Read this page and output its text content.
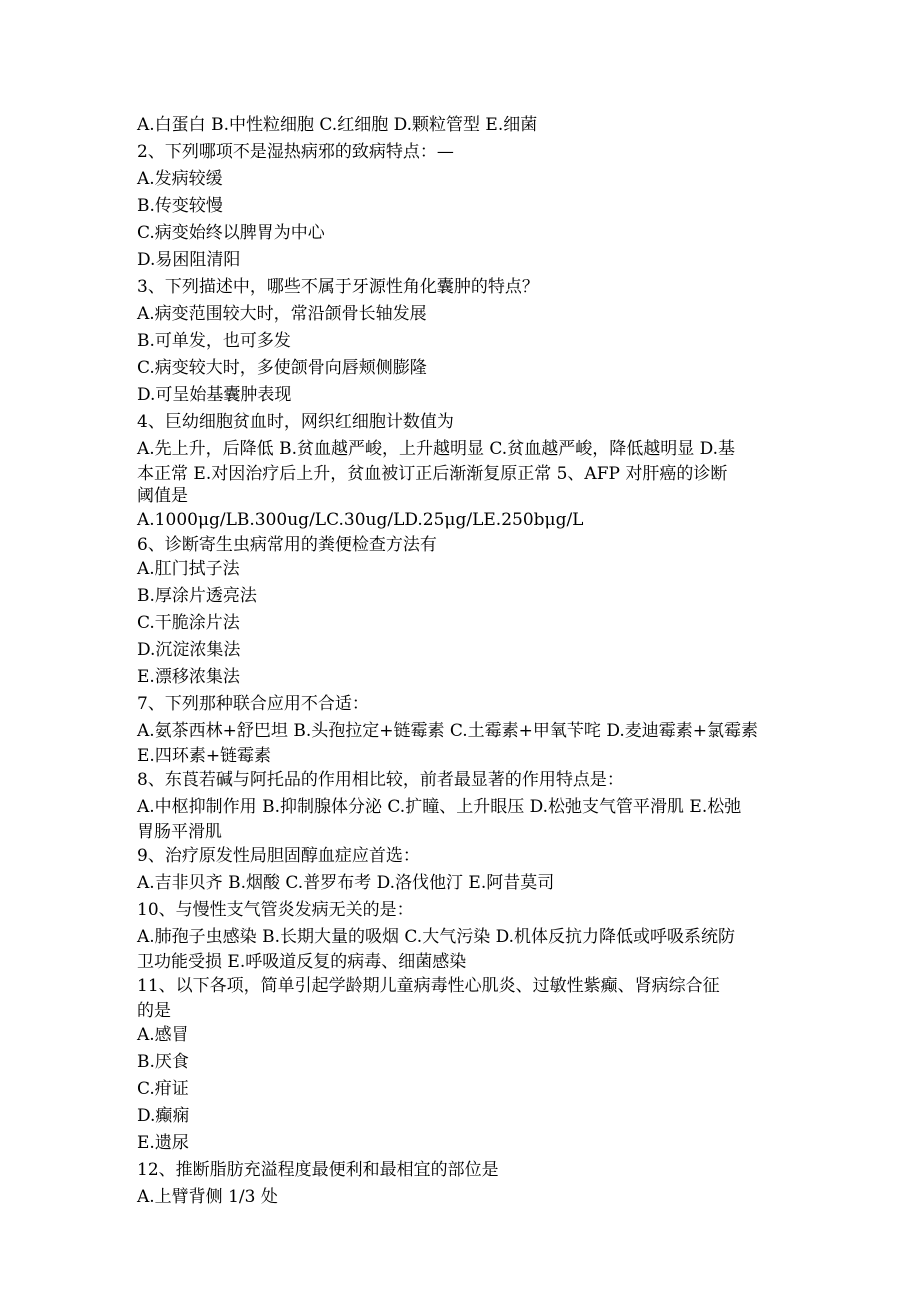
A.白蛋白 B.中性粒细胞 C.红细胞 D.颗粒管型 E.细菌
2、下列哪项不是湿热病邪的致病特点：—
A.发病较缓
B.传变较慢
C.病变始终以脾胃为中心
D.易困阻清阳
3、下列描述中，哪些不属于牙源性角化囊肿的特点？
A.病变范围较大时，常沿颌骨长轴发展
B.可单发，也可多发
C.病变较大时，多使颌骨向唇颊侧膨隆
D.可呈始基囊肿表现
4、巨幼细胞贫血时，网织红细胞计数值为
A.先上升，后降低 B.贫血越严峻，上升越明显 C.贫血越严峻，降低越明显 D.基
本正常 E.对因治疗后上升，贫血被订正后渐渐复原正常 5、AFP 对肝癌的诊断
阈值是
A.1000μg/LB.300ug/LC.30ug/LD.25μg/LE.250bμg/L
6、诊断寄生虫病常用的粪便检查方法有
A.肛门拭子法
B.厚涂片透亮法
C.干脆涂片法
D.沉淀浓集法
E.漂移浓集法
7、下列那种联合应用不合适：
A.氨茶西林+舒巴坦 B.头孢拉定+链霉素 C.土霉素+甲氧苄咤 D.麦迪霉素+氯霉素
E.四环素+链霉素
8、东莨若碱与阿托品的作用相比较，前者最显著的作用特点是：
A.中枢抑制作用 B.抑制腺体分泌 C.扩瞳、上升眼压 D.松弛支气管平滑肌 E.松弛
胃肠平滑肌
9、治疗原发性局胆固醇血症应首选：
A.吉非贝齐 B.烟酸 C.普罗布考 D.洛伐他汀 E.阿昔莫司
10、与慢性支气管炎发病无关的是：
A.肺孢子虫感染 B.长期大量的吸烟 C.大气污染 D.机体反抗力降低或呼吸系统防
卫功能受损 E.呼吸道反复的病毒、细菌感染
11、以下各项，简单引起学龄期儿童病毒性心肌炎、过敏性紫癫、肾病综合征
的是
A.感冒
B.厌食
C.疳证
D.癫痫
E.遗尿
12、推断脂肪充溢程度最便利和最相宜的部位是
A.上臂背侧 1/3 处
